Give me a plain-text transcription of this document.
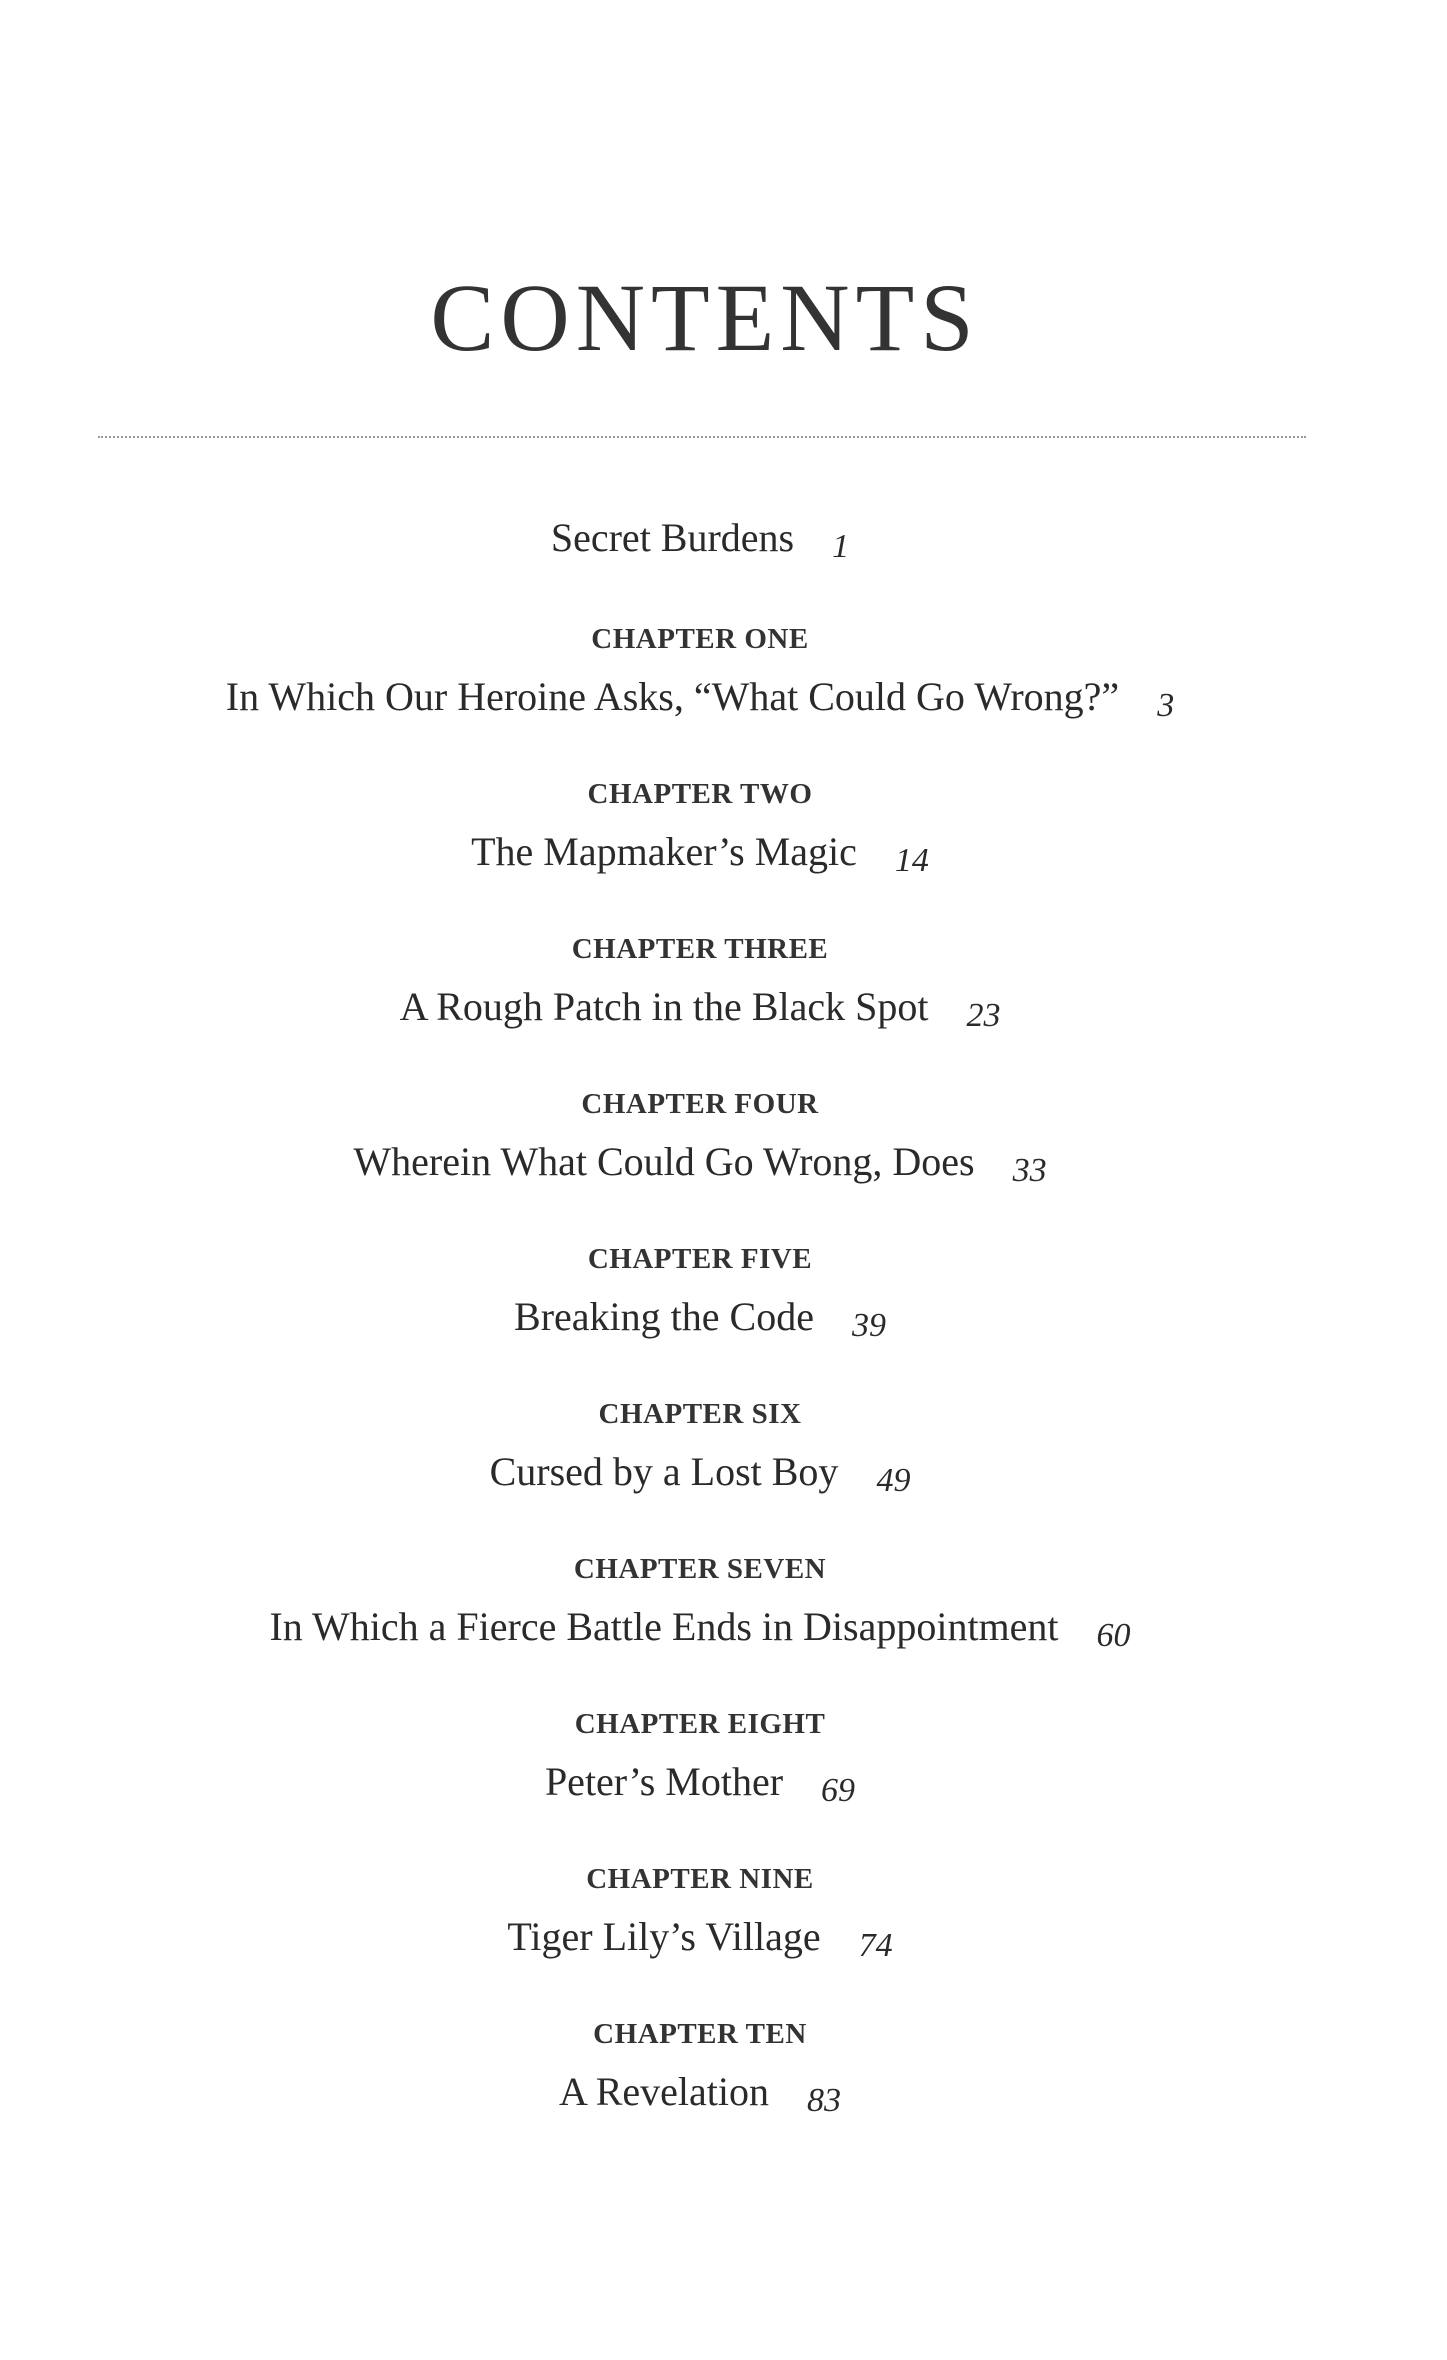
CONTENTS
Secret Burdens 1
CHAPTER ONE
In Which Our Heroine Asks, “What Could Go Wrong?” 3
CHAPTER TWO
The Mapmaker’s Magic 14
CHAPTER THREE
A Rough Patch in the Black Spot 23
CHAPTER FOUR
Wherein What Could Go Wrong, Does 33
CHAPTER FIVE
Breaking the Code 39
CHAPTER SIX
Cursed by a Lost Boy 49
CHAPTER SEVEN
In Which a Fierce Battle Ends in Disappointment 60
CHAPTER EIGHT
Peter’s Mother 69
CHAPTER NINE
Tiger Lily’s Village 74
CHAPTER TEN
A Revelation 83
